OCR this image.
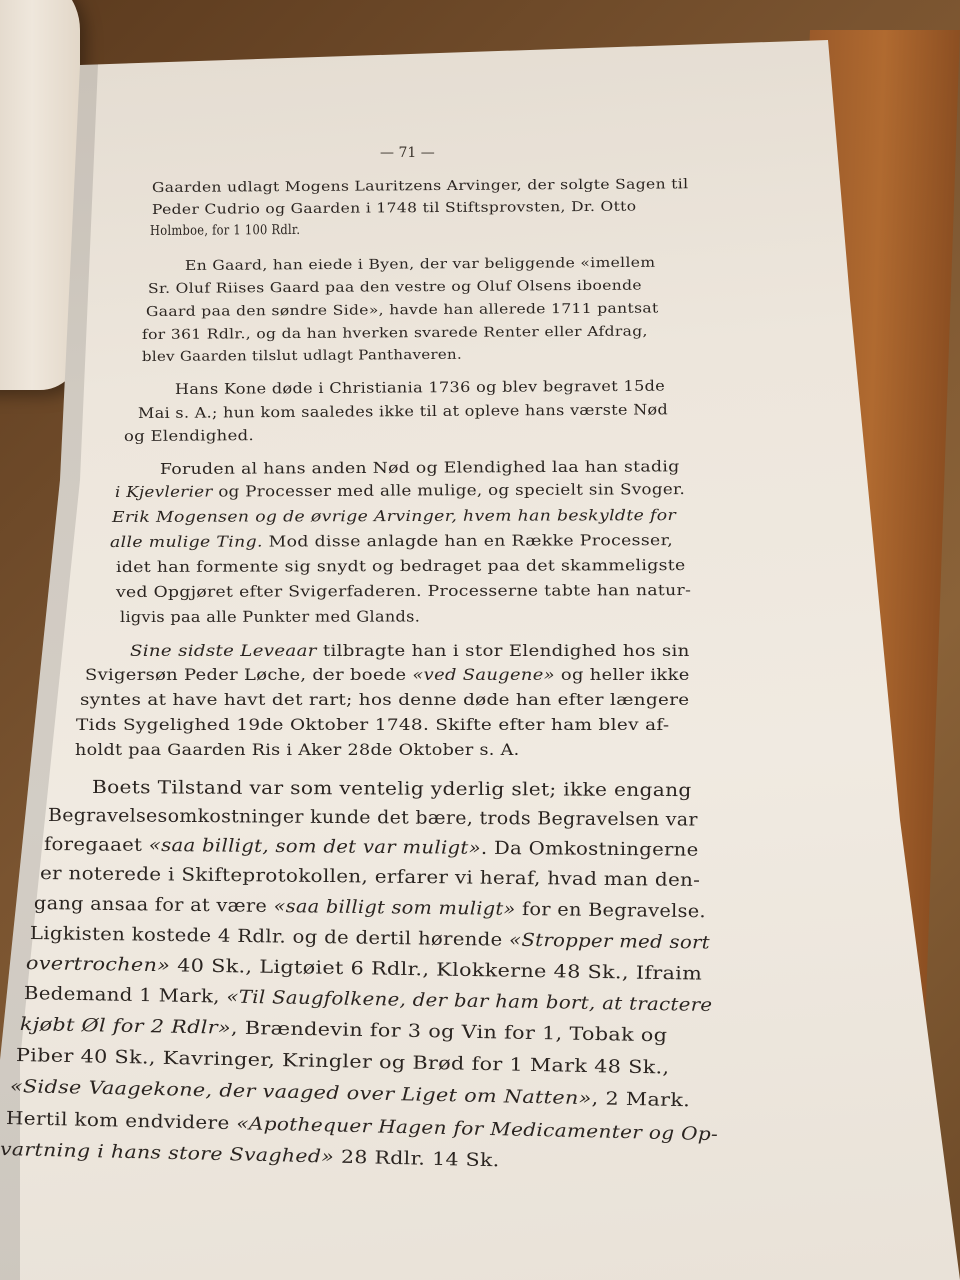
— 71 —
Gaarden udlagt Mogens Lauritzens Arvinger, der solgte Sagen til
Peder Cudrio og Gaarden i 1748 til Stiftsprovsten, Dr. Otto
Holmboe, for 1 100 Rdlr.
En Gaard, han eiede i Byen, der var beliggende «imellem
Sr. Oluf Riises Gaard paa den vestre og Oluf Olsens iboende
Gaard paa den søndre Side», havde han allerede 1711 pantsat
for 361 Rdlr., og da han hverken svarede Renter eller Afdrag,
blev Gaarden tilslut udlagt Panthaveren.
Hans Kone døde i Christiania 1736 og blev begravet 15de
Mai s. A.; hun kom saaledes ikke til at opleve hans værste Nød
og Elendighed.
Foruden al hans anden Nød og Elendighed laa han stadig
i Kjevlerier og Processer med alle mulige, og specielt sin Svoger.
Erik Mogensen og de øvrige Arvinger, hvem han beskyldte for
alle mulige Ting. Mod disse anlagde han en Række Processer,
idet han formente sig snydt og bedraget paa det skammeligste
ved Opgjøret efter Svigerfaderen. Processerne tabte han natur-
ligvis paa alle Punkter med Glands.
Sine sidste Leveaar tilbragte han i stor Elendighed hos sin
Svigersøn Peder Løche, der boede «ved Saugene» og heller ikke
syntes at have havt det rart; hos denne døde han efter længere
Tids Sygelighed 19de Oktober 1748. Skifte efter ham blev af-
holdt paa Gaarden Ris i Aker 28de Oktober s. A.
Boets Tilstand var som ventelig yderlig slet; ikke engang
Begravelsesomkostninger kunde det bære, trods Begravelsen var
foregaaet «saa billigt, som det var muligt». Da Omkostningerne
er noterede i Skifteprotokollen, erfarer vi heraf, hvad man den-
gang ansaa for at være «saa billigt som muligt» for en Begravelse.
Ligkisten kostede 4 Rdlr. og de dertil hørende «Stropper med sort
overtrochen» 40 Sk., Ligtøiet 6 Rdlr., Klokkerne 48 Sk., Ifraim
Bedemand 1 Mark, «Til Saugfolkene, der bar ham bort, at tractere
kjøbt Øl for 2 Rdlr», Brændevin for 3 og Vin for 1, Tobak og
Piber 40 Sk., Kavringer, Kringler og Brød for 1 Mark 48 Sk.,
«Sidse Vaagekone, der vaaged over Liget om Natten», 2 Mark.
Hertil kom endvidere «Apothequer Hagen for Medicamenter og Op-
vartning i hans store Svaghed» 28 Rdlr. 14 Sk.
